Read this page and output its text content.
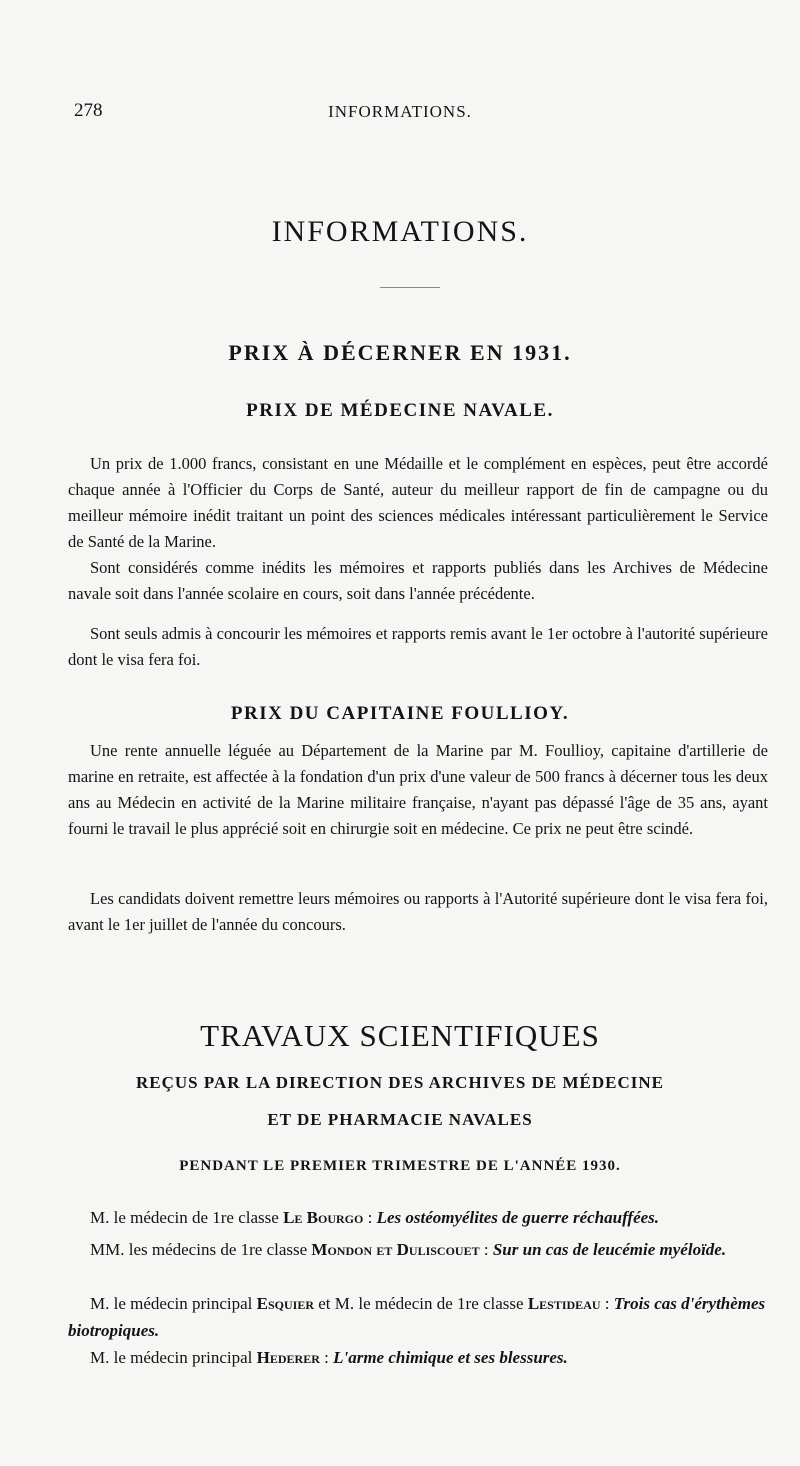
278	INFORMATIONS.
INFORMATIONS.
PRIX À DÉCERNER EN 1931.
PRIX DE MÉDECINE NAVALE.

Un prix de 1.000 francs, consistant en une Médaille et le complément en espèces, peut être accordé chaque année à l'Officier du Corps de Santé, auteur du meilleur rapport de fin de campagne ou du meilleur mémoire inédit traitant un point des sciences médicales intéressant particulièrement le Service de Santé de la Marine.

Sont considérés comme inédits les mémoires et rapports publiés dans les Archives de Médecine navale soit dans l'année scolaire en cours, soit dans l'année précédente.

Sont seuls admis à concourir les mémoires et rapports remis avant le 1er octobre à l'autorité supérieure dont le visa fera foi.

PRIX DU CAPITAINE FOULLIOY.

Une rente annuelle léguée au Département de la Marine par M. Foullioy, capitaine d'artillerie de marine en retraite, est affectée à la fondation d'un prix d'une valeur de 500 francs à décerner tous les deux ans au Médecin en activité de la Marine militaire française, n'ayant pas dépassé l'âge de 35 ans, ayant fourni le travail le plus apprécié soit en chirurgie soit en médecine. Ce prix ne peut être scindé.

Les candidats doivent remettre leurs mémoires ou rapports à l'Autorité supérieure dont le visa fera foi, avant le 1er juillet de l'année du concours.

TRAVAUX SCIENTIFIQUES
REÇUS PAR LA DIRECTION DES ARCHIVES DE MÉDECINE
ET DE PHARMACIE NAVALES
PENDANT LE PREMIER TRIMESTRE DE L'ANNÉE 1930.

M. le médecin de 1re classe Le Bourgo : Les ostéomyélites de guerre réchauffées.

MM. les médecins de 1re classe Mondon et Duliscouet : Sur un cas de leucémie myéloïde.

M. le médecin principal Esquier et M. le médecin de 1re classe Lestideau : Trois cas d'érythèmes biotropiques.

M. le médecin principal Hederer : L'arme chimique et ses blessures.
